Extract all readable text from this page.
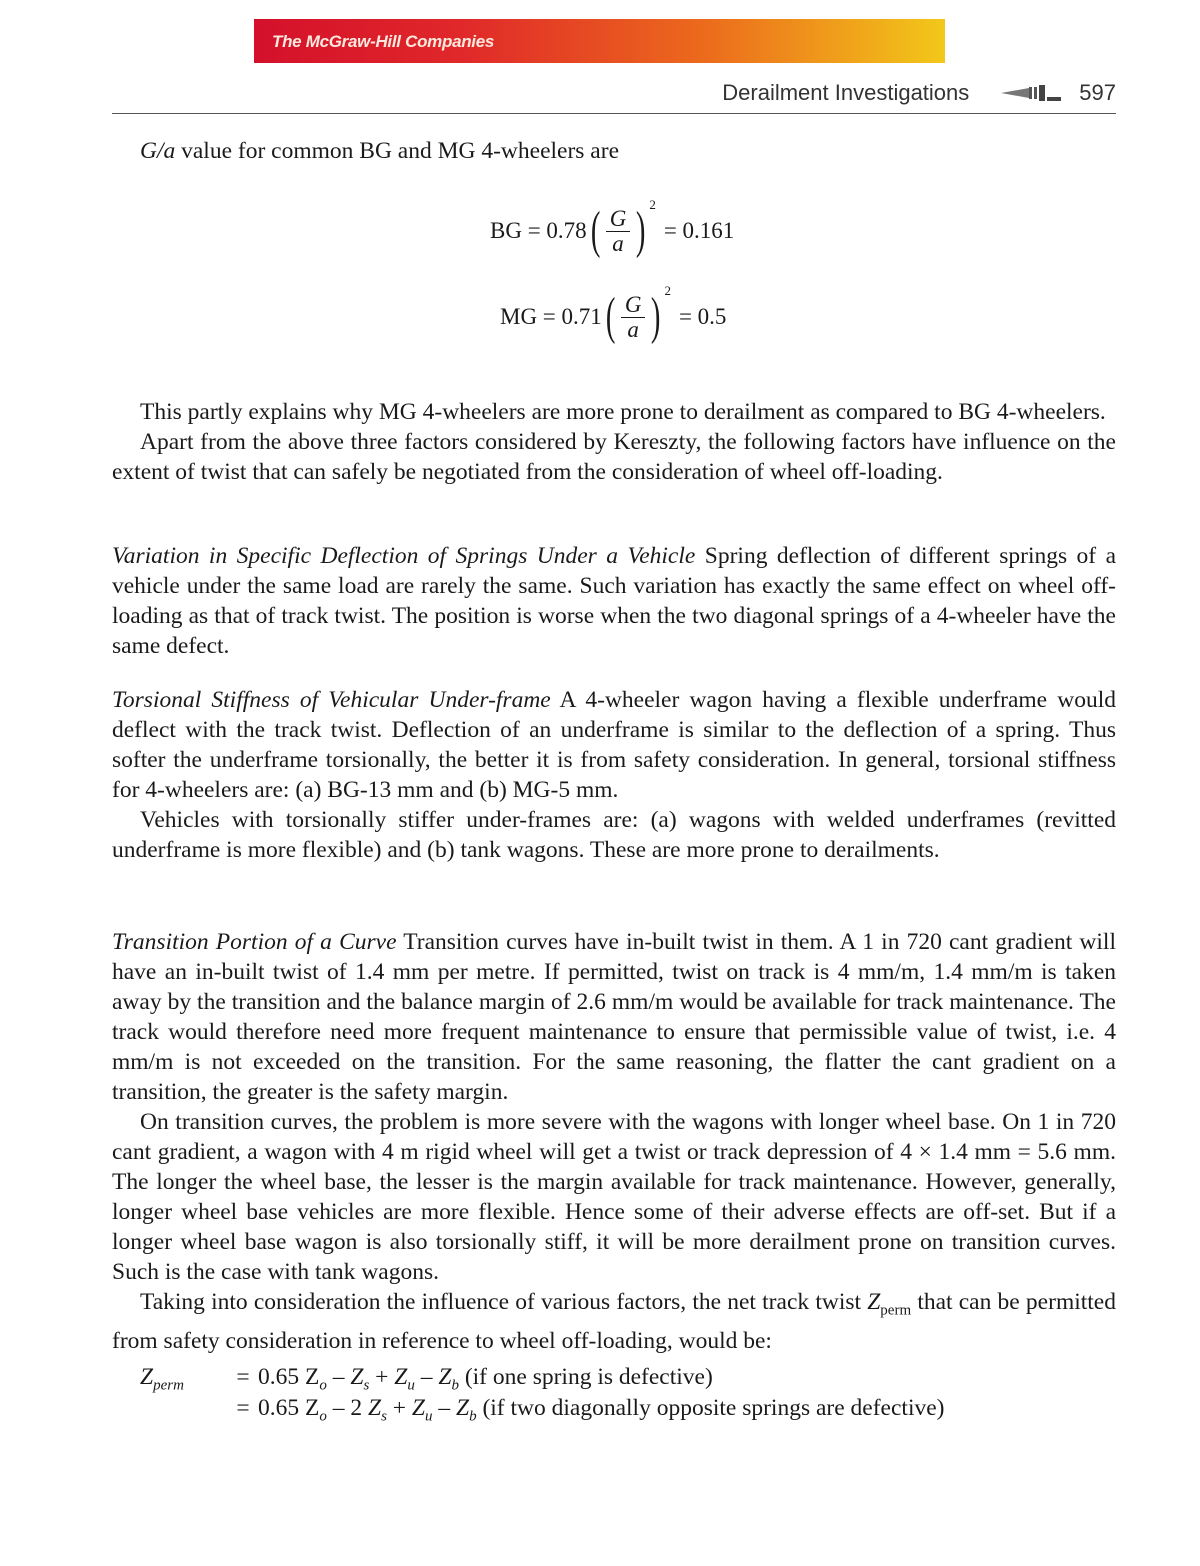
The McGraw-Hill Companies
Derailment Investigations	597
G/a value for common BG and MG 4-wheelers are
BG = 0.78 ( $\frac{G}{a}$ ) 2
= 0.161
MG = 0.71 ( $\frac{G}{a}$ ) 2
= 0.5

This partly explains why MG 4-wheelers are more prone to derailment as compared to BG 4-wheelers.

Apart from the above three factors considered by Kereszty, the following factors have influence on the extent of twist that can safely be negotiated from the consideration of wheel off-loading.

Variation in Specific Deflection of Springs Under a Vehicle Spring deflection of different springs of a vehicle under the same load are rarely the same. Such variation has exactly the same effect on wheel off-loading as that of track twist. The position is worse when the two diagonal springs of a 4-wheeler have the same defect.

Torsional Stiffness of Vehicular Under-frame A 4-wheeler wagon having a flexible underframe would deflect with the track twist. Deflection of an underframe is similar to the deflection of a spring. Thus softer the underframe torsionally, the better it is from safety consideration. In general, torsional stiffness for 4-wheelers are: (a) BG-13 mm and (b) MG-5 mm.

Vehicles with torsionally stiffer under-frames are: (a) wagons with welded underframes (revitted underframe is more flexible) and (b) tank wagons. These are more prone to derailments.

Transition Portion of a Curve Transition curves have in-built twist in them. A 1 in 720 cant gradient will have an in-built twist of 1.4 mm per metre. If permitted, twist on track is 4 mm/m, 1.4 mm/m is taken away by the transition and the balance margin of 2.6 mm/m would be available for track maintenance. The track would therefore need more frequent maintenance to ensure that permissible value of twist, i.e. 4 mm/m is not exceeded on the transition. For the same reasoning, the flatter the cant gradient on a transition, the greater is the safety margin.

On transition curves, the problem is more severe with the wagons with longer wheel base. On 1 in 720 cant gradient, a wagon with 4 m rigid wheel will get a twist or track depression of 4 × 1.4 mm = 5.6 mm. The longer the wheel base, the lesser is the margin available for track maintenance. However, generally, longer wheel base vehicles are more flexible. Hence some of their adverse effects are off-set. But if a longer wheel base wagon is also torsionally stiff, it will be more derailment prone on transition curves. Such is the case with tank wagons.

Taking into consideration the influence of various factors, the net track twist $Z_{perm}$ that can be permitted from safety consideration in reference to wheel off-loading, would be:

$Z_{perm}$	= 0.65 $Z_o - Z_s + Z_u - Z_b$ (if one spring is defective)
= 0.65 $Z_o - 2$ $Z_s + Z_u - Z_b$ (if two diagonally opposite springs are defective)
